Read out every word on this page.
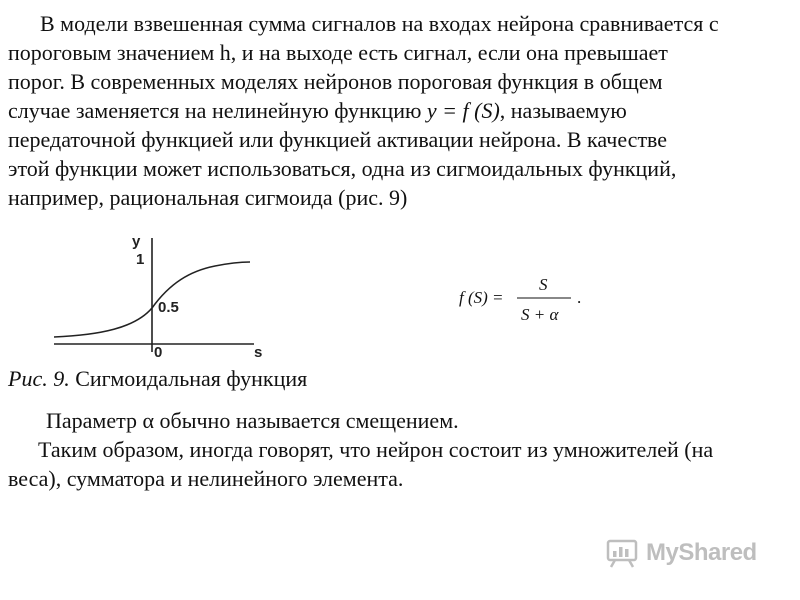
В модели взвешенная сумма сигналов на входах нейрона сравнивается с
пороговым значением h, и на выходе есть сигнал, если она превышает
порог. В современных моделях нейронов пороговая функция в общем
случае заменяется на нелинейную функцию y = f (S), называемую
передаточной функцией или функцией активации нейрона. В качестве
этой функции может использоваться, одна из сигмоидальных функций,
например, рациональная сигмоида (рис. 9)
y
1
0.5
0	s
f (S) =
S
S + α
.
Рис. 9. Сигмоидальная функция
Параметр α обычно называется смещением.
Таким образом, иногда говорят, что нейрон состоит из умножителей (на
веса), сумматора и нелинейного элемента.
MyShared
